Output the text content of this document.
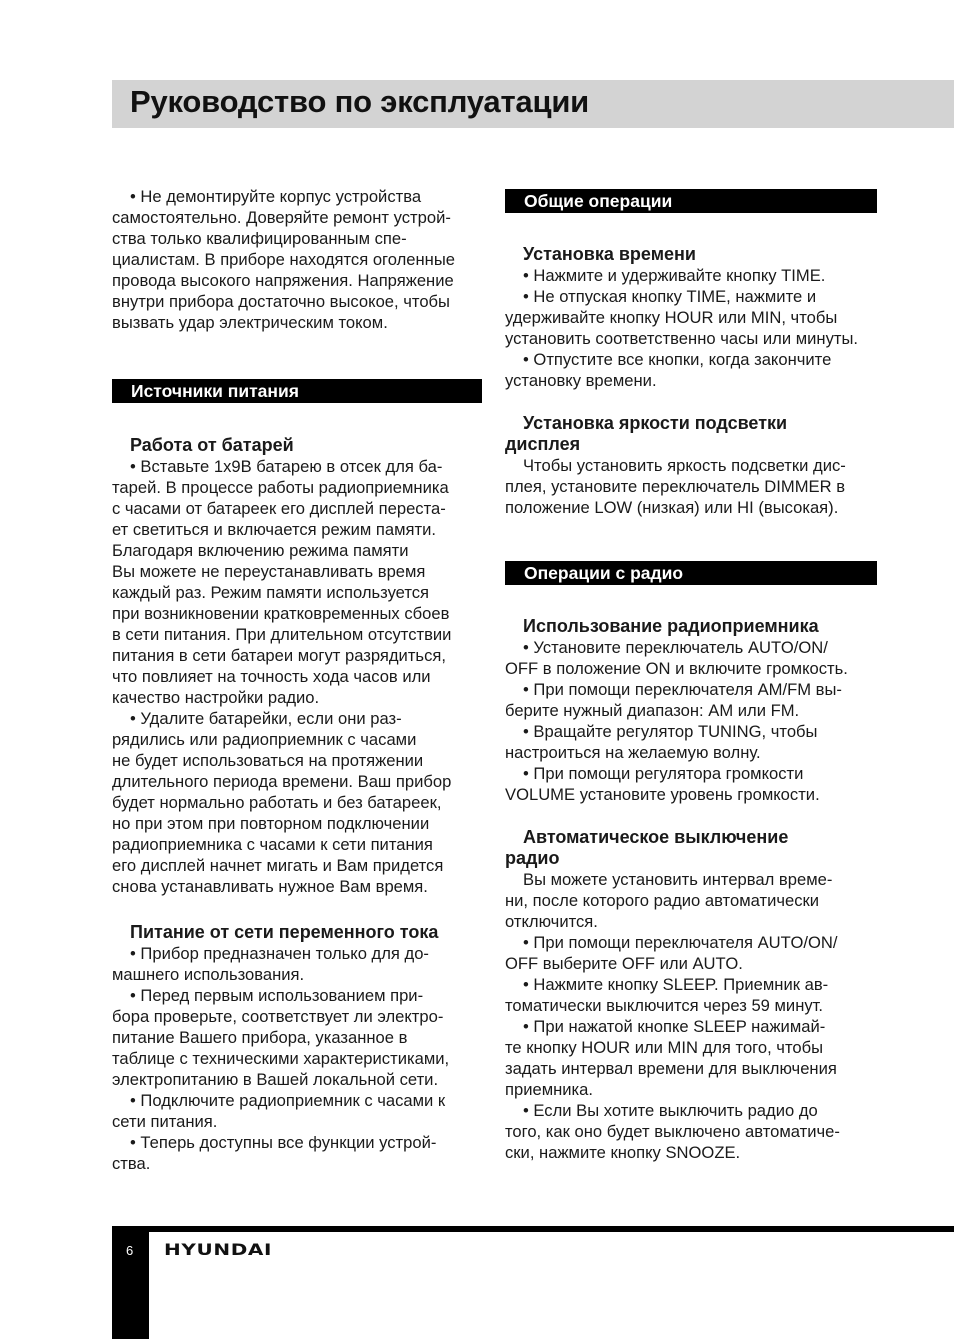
Руководство по эксплуатации

• Не демонтируйте корпус устройства

самостоятельно. Доверяйте ремонт устрой-

ства только квалифицированным спе-

циалистам. В приборе находятся оголенные

провода высокого напряжения. Напряжение

внутри прибора достаточно высокое, чтобы

вызвать удар электрическим током.

Источники питания
Работа от батарей

• Вставьте 1х9В батарею в отсек для ба-

тарей. В процессе работы радиоприемника

с часами от батареек его дисплей переста-

ет светиться и включается режим памяти.

Благодаря включению режима памяти

Вы можете не переустанавливать время

каждый раз. Режим памяти используется

при возникновении кратковременных сбоев

в сети питания. При длительном отсутствии

питания в сети батареи могут разрядиться,

что повлияет на точность хода часов или

качество настройки радио.

• Удалите батарейки, если они раз-

рядились или радиоприемник с часами

не будет использоваться на протяжении

длительного периода времени. Ваш прибор

будет нормально работать и без батареек,

но при этом при повторном подключении

радиоприемника с часами к сети питания

его дисплей начнет мигать и Вам придется

снова устанавливать нужное Вам время.

Питание от сети переменного тока

• Прибор предназначен только для до-

машнего использования.

• Перед первым использованием при-

бора проверьте, соответствует ли электро-

питание Вашего прибора, указанное в

таблице с техническими характеристиками,

электропитанию в Вашей локальной сети.

• Подключите радиоприемник с часами к

сети питания.

• Теперь доступны все функции устрой-

ства.

Общие операции
Установка времени

• Нажмите и удерживайте кнопку TIME.

• Не отпуская кнопку TIME, нажмите и

удерживайте кнопку HOUR или MIN, чтобы

установить соответственно часы или минуты.

• Отпустите все кнопки, когда закончите

установку времени.

Установка яркости подсветки
дисплея

Чтобы установить яркость подсветки дис-

плея, установите переключатель DIMMER в

положение LOW (низкая) или HI (высокая).

Операции с радио
Использование радиоприемника

• Установите переключатель AUTO/ON/

OFF в положение ON и включите громкость.

• При помощи переключателя AM/FM вы-

берите нужный диапазон: AM или FM.

• Вращайте регулятор TUNING, чтобы

настроиться на желаемую волну.

• При помощи регулятора громкости

VOLUME установите уровень громкости.

Автоматическое выключение
радио

Вы можете установить интервал време-

ни, после которого радио автоматически

отключится.

• При помощи переключателя AUTO/ON/

OFF выберите OFF или AUTO.

• Нажмите кнопку SLEEP. Приемник ав-

томатически выключится через 59 минут.

• При нажатой кнопке SLEEP нажимай-

те кнопку HOUR или MIN для того, чтобы

задать интервал времени для выключения

приемника.

• Если Вы хотите выключить радио до

того, как оно будет выключено автоматиче-

ски, нажмите кнопку SNOOZE.

6 HYUNDAI
